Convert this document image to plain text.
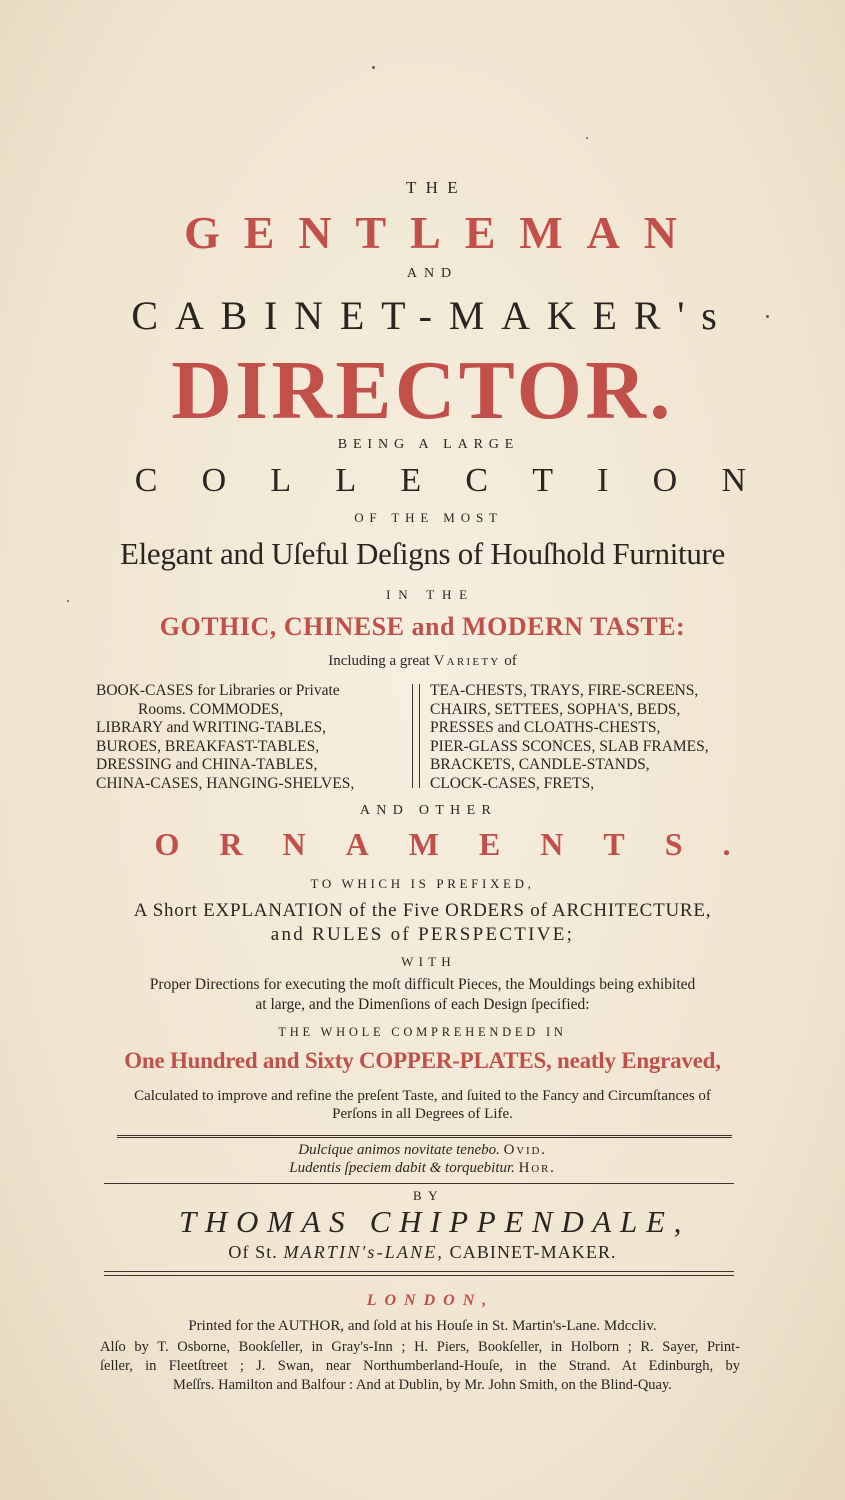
THE
GENTLEMAN
AND
CABINET-MAKER's
DIRECTOR.
BEING A LARGE
COLLECTION
OF THE MOST
Elegant and Uſeful Deſigns of Houſhold Furniture
IN THE
GOTHIC, CHINESE and MODERN TASTE:
Including a great Variety of
BOOK-CASES for Libraries or Private
Rooms. COMMODES,
LIBRARY and WRITING-TABLES,
BUROES, BREAKFAST-TABLES,
DRESSING and CHINA-TABLES,
CHINA-CASES, HANGING-SHELVES,
TEA-CHESTS, TRAYS, FIRE-SCREENS,
CHAIRS, SETTEES, SOPHA'S, BEDS,
PRESSES and CLOATHS-CHESTS,
PIER-GLASS SCONCES, SLAB FRAMES,
BRACKETS, CANDLE-STANDS,
CLOCK-CASES, FRETS,
AND OTHER
ORNAMENTS.
TO WHICH IS PREFIXED,
A Short EXPLANATION of the Five ORDERS of ARCHITECTURE,
and RULES of PERSPECTIVE;
WITH
Proper Directions for executing the moſt difficult Pieces, the Mouldings being exhibited
at large, and the Dimenſions of each Design ſpecified:
THE WHOLE COMPREHENDED IN
One Hundred and Sixty COPPER-PLATES, neatly Engraved,
Calculated to improve and refine the preſent Taste, and ſuited to the Fancy and Circumſtances of
Perſons in all Degrees of Life.
Dulcique animos novitate tenebo. Ovid.
Ludentis ſpeciem dabit & torquebitur. Hor.
BY
THOMAS CHIPPENDALE,
Of St. MARTIN's-LANE, CABINET-MAKER.
LONDON,
Printed for the AUTHOR, and ſold at his Houſe in St. Martin's-Lane. Mdccliv.
Alſo by T. Osborne, Bookſeller, in Gray's-Inn ; H. Piers, Bookſeller, in Holborn ; R. Sayer, Print-
ſeller, in Fleetſtreet ; J. Swan, near Northumberland-Houſe, in the Strand. At Edinburgh, by
Meſſrs. Hamilton and Balfour : And at Dublin, by Mr. John Smith, on the Blind-Quay.
